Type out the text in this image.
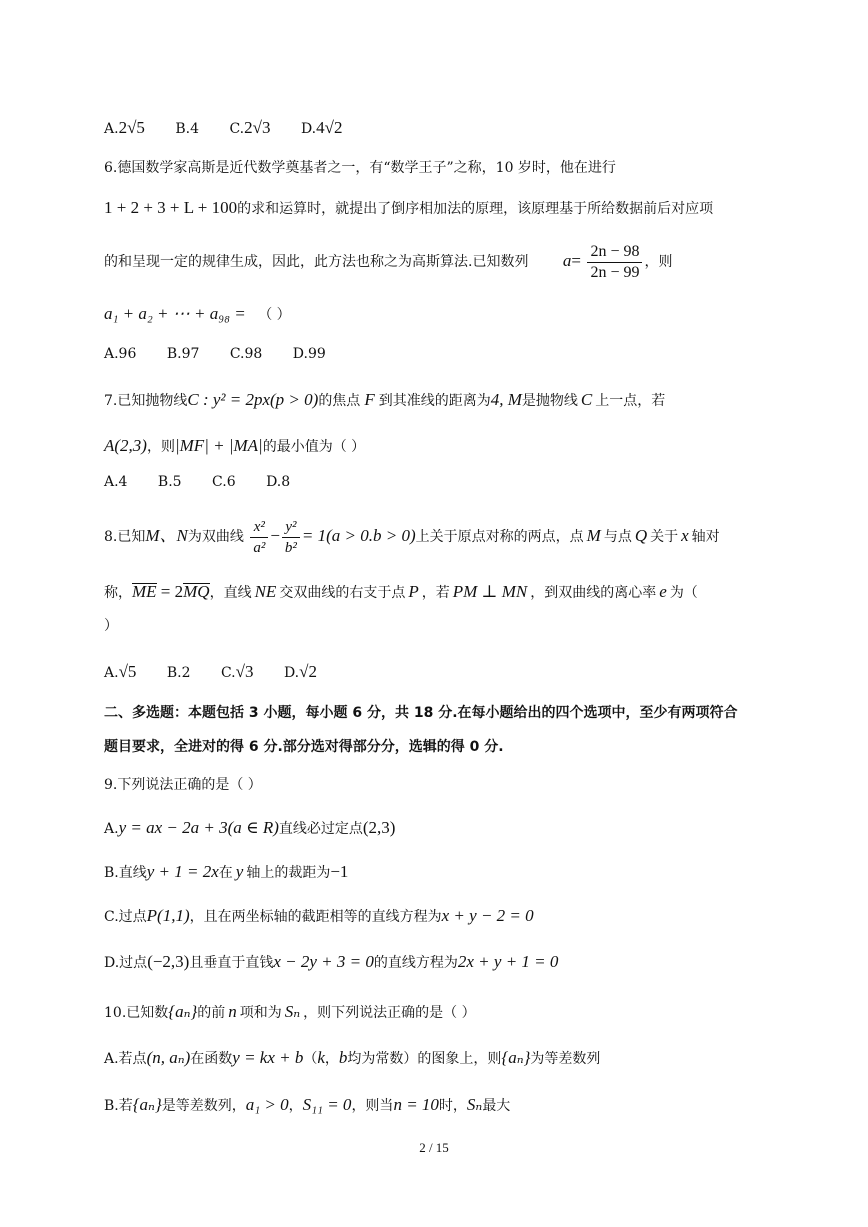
A.2√5 B.4 C.2√3 D.4√2
6.德国数学家高斯是近代数学奠基者之一，有“数学王子”之称，10 岁时，他在进行
1 + 2 + 3 + L + 100的求和运算时，就提出了倒序相加法的原理，该原理基于所给数据前后对应项
的和呈现一定的规律生成，因此，此方法也称之为高斯算法.已知数列 $a= \frac{2n - 98}{2n - 99}$ ，则
a₁ + a₂ + ⋯ + a₉₈ = （ ）
A.96 B.97 C.98 D.99
7.已知抛物线C : y² = 2px(p > 0)的焦点 F 到其准线的距离为4, M是抛物线 C 上一点，若
A(2,3)，则|MF| + |MA|的最小值为（ ）
A.4 B.5 C.6 D.8
8.已知M、N为双曲线 $\frac{\text{x²}}{\text{a²}} - \frac{\text{y²}}{\text{b²}} = 1(a > 0.b > 0)$上关于原点对称的两点，点 M 与点 Q 关于 x 轴对
称，ME = 2MQ，直线 NE 交双曲线的右支于点 P ，若 PM ⊥ MN ，到双曲线的离心率 e 为（
）
A.√5 B.2 C.√3 D.√2
二、多选题：本题包括 3 小题，每小题 6 分，共 18 分.在每小题给出的四个选项中，至少有两项符合
题目要求，全进对的得 6 分.部分选对得部分分，选辑的得 0 分.
9.下列说法正确的是（ ）
A.y = ax − 2a + 3(a ∈ R)直线必过定点(2,3)
B.直线y + 1 = 2x在 y 轴上的裁距为−1
C.过点P(1,1)，且在两坐标轴的截距相等的直线方程为x + y − 2 = 0
D.过点(−2,3)且垂直于直钱x − 2y + 3 = 0的直线方程为2x + y + 1 = 0
10.已知数{aₙ}的前 n 项和为 Sₙ ，则下列说法正确的是（ ）
A.若点(n, aₙ)在函数y = kx + b（k，b均为常数）的图象上，则{aₙ}为等差数列
B.若{aₙ}是等差数列，a₁ > 0，S₁₁ = 0，则当n = 10时，Sₙ最大
2 / 15
